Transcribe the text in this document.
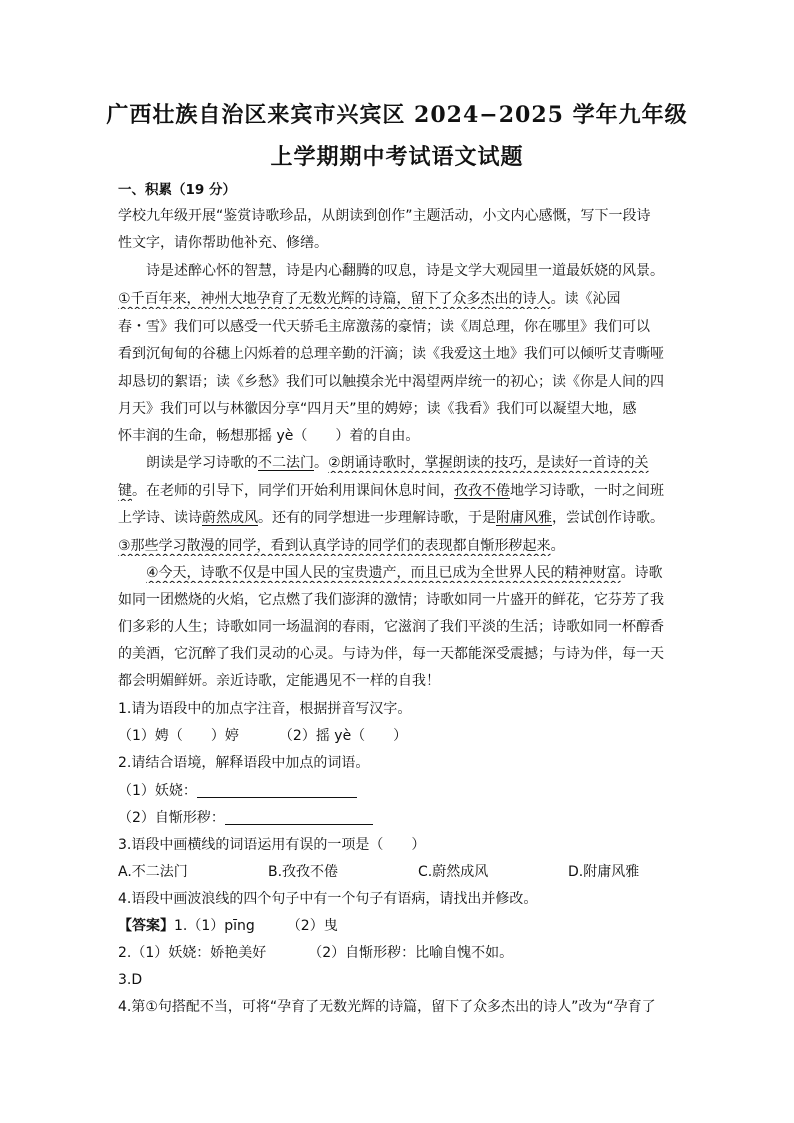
广西壮族自治区来宾市兴宾区 2024−2025 学年九年级
上学期期中考试语文试题
一、积累（19 分）
学校九年级开展“鉴赏诗歌珍品，从朗读到创作”主题活动，小文内心感慨，写下一段诗
性文字，请你帮助他补充、修缮。
诗是述醉心怀的智慧，诗是内心翻腾的叹息，诗是文学大观园里一道最妖娆的风景。
①千百年来，神州大地孕育了无数光辉的诗篇，留下了众多杰出的诗人。读《沁园
春・雪》我们可以感受一代天骄毛主席激荡的豪情；读《周总理，你在哪里》我们可以
看到沉甸甸的谷穗上闪烁着的总理辛勤的汗滴；读《我爱这土地》我们可以倾听艾青嘶哑
却恳切的絮语；读《乡愁》我们可以触摸余光中渴望两岸统一的初心；读《你是人间的四
月天》我们可以与林徽因分享“四月天”里的娉婷；读《我看》我们可以凝望大地，感
怀丰润的生命，畅想那摇 yè（　　）着的自由。
朗读是学习诗歌的不二法门。②朗诵诗歌时，掌握朗读的技巧，是读好一首诗的关
键。在老师的引导下，同学们开始利用课间休息时间，孜孜不倦地学习诗歌，一时之间班
上学诗、读诗蔚然成风。还有的同学想进一步理解诗歌，于是附庸风雅，尝试创作诗歌。
③那些学习散漫的同学，看到认真学诗的同学们的表现都自惭形秽起来。
④今天，诗歌不仅是中国人民的宝贵遗产，而且已成为全世界人民的精神财富。诗歌
如同一团燃烧的火焰，它点燃了我们澎湃的激情；诗歌如同一片盛开的鲜花，它芬芳了我
们多彩的人生；诗歌如同一场温润的春雨，它滋润了我们平淡的生活；诗歌如同一杯醇香
的美酒，它沉醉了我们灵动的心灵。与诗为伴，每一天都能深受震撼；与诗为伴，每一天
都会明媚鲜妍。亲近诗歌，定能遇见不一样的自我！
1.请为语段中的加点字注音，根据拼音写汉字。
（1）娉（　　）婷	（2）摇 yè（　　）
2.请结合语境，解释语段中加点的词语。
（1）妖娆：
（2）自惭形秽：
3.语段中画横线的词语运用有误的一项是（　　）
A.不二法门	B.孜孜不倦	C.蔚然成风	D.附庸风雅
4.语段中画波浪线的四个句子中有一个句子有语病，请找出并修改。
【答案】1.（1）pīng （2）曳
2.（1）妖娆：娇艳美好	（2）自惭形秽：比喻自愧不如。
3.D
4.第①句搭配不当，可将“孕育了无数光辉的诗篇，留下了众多杰出的诗人”改为“孕育了
